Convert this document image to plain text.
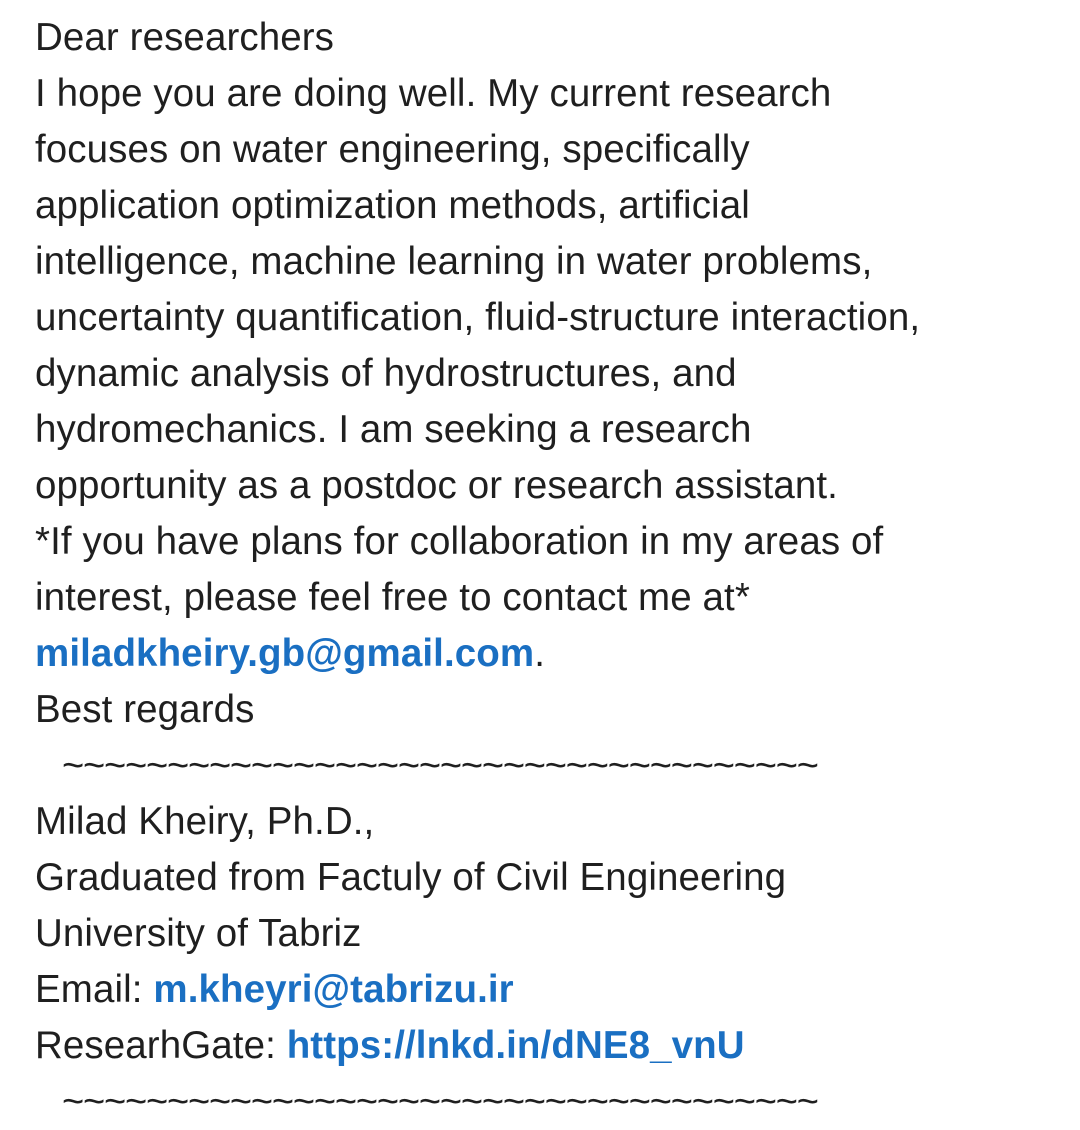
Dear researchers
I hope you are doing well. My current research
focuses on water engineering, specifically
application optimization methods, artificial
intelligence, machine learning in water problems,
uncertainty quantification, fluid-structure interaction,
dynamic analysis of hydrostructures, and
hydromechanics. I am seeking a research
opportunity as a postdoc or research assistant.
*If you have plans for collaboration in my areas of
interest, please feel free to contact me at*
miladkheiry.gb@gmail.com.
Best regards
~~~~~~~~~~~~~~~~~~~~~~~~~~~~~~~~~~~~
Milad Kheiry, Ph.D.,
Graduated from Factuly of Civil Engineering
University of Tabriz
Email: m.kheyri@tabrizu.ir
ResearhGate: https://lnkd.in/dNE8_vnU
~~~~~~~~~~~~~~~~~~~~~~~~~~~~~~~~~~~~
